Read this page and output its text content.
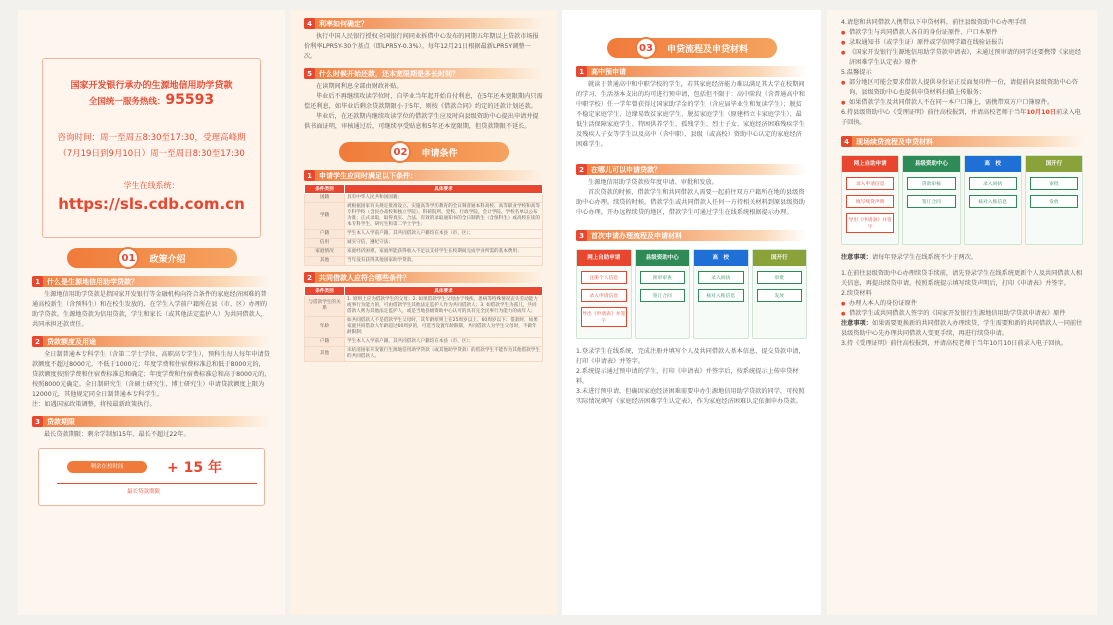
国家开发银行承办的生源地信用助学贷款
全国统一服务热线：95593
咨询时间：周一至周五8:30至17:30，受理高峰期
（7月19日到9月10日）周一至周日8:30至17:30
学生在线系统：
https://sls.cdb.com.cn
01	政策介绍
1	什么是生源地信用助学贷款？
生源地信用助学贷款是指国家开发银行等金融机构向符合条件的家庭经济困难的普通高校新生（含预科生）和在校生发放的、在学生入学前户籍所在县（市、区）办理的助学贷款。生源地贷款为信用贷款，学生和家长（或其他法定监护人）为共同借款人，共同承担还款责任。
2	贷款额度及用途
全日制普通本专科学生（含第二学士学位、高职高专学生），预科生每人每年申请贷款额度不超过8000元，不低于1000元；年度学费和住宿费标准总和低于8000元的，贷款额度按照学费和住宿费标准总和确定；年度学费和住宿费标准总和高于8000元的，按照8000元确定。全日制研究生（含硕士研究生、博士研究生）申请贷款额度上限为12000元，其他规定同全日制普通本专科学生。
注：如遇国家政策调整，将按最新政策执行。
3	贷款期限
最长贷款期限：剩余学制加15年、最长不超过22年。
剩余在校时间	+ 15 年
最长贷款期限
4	利率如何确定？
执行中国人民银行授权全国银行间同业拆借中心发布的同期五年期以上贷款市场报价利率LPR5Y-30个基点（即LPR5Y-0.3%）。每年12月21日根据最新LPR5Y调整一次。
5	什么时候开始还款，还本宽限期是多长时间？
在读期间利息全部由财政补贴。
毕业后不再继续攻读学位时，自毕业当年起开始自付利息，在5年还本宽限期内只需偿还利息，如毕业后剩余贷款期限小于5年，则按《借款合同》约定的还款计划还款。
毕业后，在还款期内继续攻读学位的借款学生应及时向县级资助中心提出申请并提供书面证明，审核通过后，可继续享受贴息和5年还本宽限期，但贷款期限不延长。
02	申请条件
1	申请学生应同时满足以下条件：
条件类别	具体要求
国籍	具有中华人民共和国国籍；
学籍	被根据国家有关规定批准设立、实施高等学历教育的全日制普通本科高校、高等职业学校和高等专科学校（含民办高校和独立学院），科研院所、党校、行政学院、会计学院、学校名单以公布为准；正式录取，取得真实、合法、有效的录取通知书的全日制新生（含预科生）或高校在读的本专科学生、研究生和第二学士学生；
户籍	学生本人入学前户籍、其共同借款人户籍均在本县（市、区）；
信用	诚实守信，遵纪守法；
家庭情况	家庭经济困难，家庭所能获得收入不足以支持学生在校期间完成学业所需的基本费用；
其他	当年没有获得其他国家助学贷款。
2	共同借款人应符合哪些条件？
条件类别	具体要求
与借款学生的关系	1. 原则上应为借款学生的父母；2. 如果借款学生父母由于残疾、患病等特殊情况丧失劳动能力或事行为能力的，可由借款学生其他法定监护人作为共同借款人；3. 如借款学生为孤儿，共同借款人则为其他法定监护人，或是当地县级资助中心认可的具有完全民事行为能力的成年人；
年龄	如共同借款人不是借款学生父母时，其年龄原则上在25周岁以上、60周岁以下；借款时，如果家庭共同借款人年龄超过60周岁的，可选当设置年龄限制，共同借款人为学生父母时，不做年龄限制；
户籍	学生本人入学前户籍、其共同借款人户籍均在本县（市、区）；
其他	未结清国家开发银行生源地信用助学贷款（或其他助学贷款）的借款学生不能作为其他借款学生的共同借款人。
03	申贷流程及申贷材料
1	高中预申请
就读于普通高中和中职学校的学生，若其家庭经济能力难以满足其大学在校期间的学习、生活基本支出的均可进行预申请，包括但不限于：高中阶段（含普通高中和中职学校）任一学年曾获得过国家助学金的学生（含应届毕业生和复读学生）；脱贫不稳定家庭学生、边缘易致贫家庭学生、脱贫家庭学生（原建档立卡家庭学生）、最低生活保障家庭学生、特困供养学生、孤残学生、烈士子女、家庭经济困难残疾学生及残疾人子女等学生以及高中（含中职）、县级（或高校）资助中心认定的家庭经济困难学生。
2	在哪儿可以申请贷款？
生源地信用助学贷款按年度申请、审批和发放。
首次贷款的时候，借款学生和共同借款人需要一起前往双方户籍所在地的县级资助中心办理。续贷的时候，借款学生或共同借款人任何一方持相关材料到原县级资助中心办理。开办远程续贷的地区，借款学生可通过学生在线系统根据提示办理。
3	首次申请办理流程及申请材料
网上自助申请
注册个人信息
录入申请信息
导出《申请表》并签字
县级资助中心
预审审查
签订合同
高　校
录入回执
核对入账信息
国开行
审批
发放
1.登录学生在线系统，完成注册并填写个人及共同借款人基本信息，提交贷款申请，打印《申请表》并签字。
2.系统提示通过预申请的学生，打印《申请表》并签字后，按系统提示上传申贷材料。
3.未进行预申请，但确因家庭经济困难需要申办生源地信用助学贷款的同学，可按照实际情况填写《家庭经济困难学生认定表》，作为家庭经济困难认定依据申办贷款。
4.请您和共同借款人携带以下申贷材料，前往县级资助中心办理手续
● 借款学生与共同借款人各自的身份证原件、户口本原件
● 录取通知书（或学生证）原件或学信网学籍在线验证报告
● 《国家开发银行生源地信用助学贷款申请表》，未通过预审请的同学还要携带《家庭经济困难学生认定表》原件
5.温馨提示
● 部分地区可能会要求借款人提供身份证正反面复印件一份，请提前向县级资助中心咨询，县级资助中心也提供申贷材料扫描上传服务；
● 如果借款学生及共同借款人不在同一本户口簿上，需携带双方户口簿原件。
6.持县级资助中心《受理证明》前往高校报到，并请高校老师于当年10月10日前录入电子回执。
4	现场续贷流程及申贷材料
网上自助申请
录入申请信息
填写续贷声明
导出《申请表》并签字
县级资助中心
贷款审核
签订合同
高　校
录入回执
核对入账信息
国开行
审批
发放
注意事项：请每年登录学生在线系统不少于两次。
1.在前往县级资助中心办理续贷手续前，请先登录学生在线系统更新个人及共同借款人相关信息，再提出续贷申请，按照系统提示填写续贷声明后，打印《申请表》并签字。
2.续贷材料
● 办理人本人的身份证原件
● 借款学生或共同借款人签字的《国家开发银行生源地信用助学贷款申请表》原件
注意事项：如果需要更换新的共同借款人办理续贷，学生需要和新的共同借款人一同前往县级资助中心先办理共同借款人变更手续，再进行续贷申请。
3.持《受理证明》前往高校报到，并请高校老师于当年10月10日前录入电子回执。
